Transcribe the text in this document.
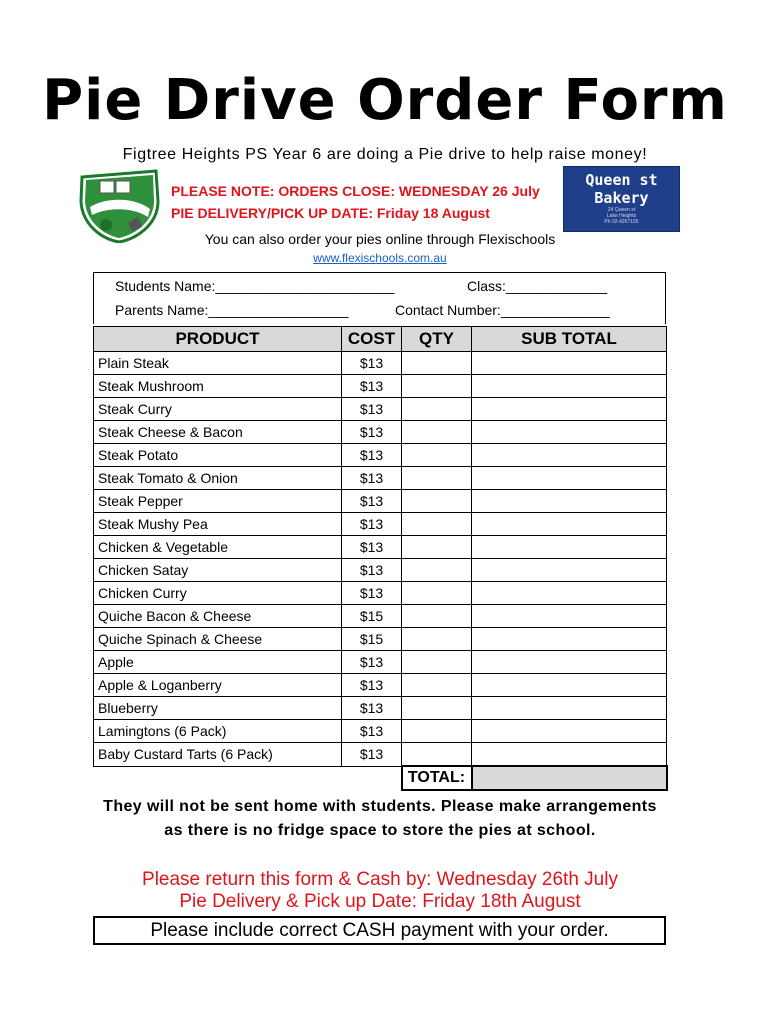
Pie Drive Order Form
Figtree Heights PS Year 6 are doing a Pie drive to help raise money!
PLEASE NOTE: ORDERS CLOSE: WEDNESDAY 26 July
PIE DELIVERY/PICK UP DATE: Friday 18 August
Queen st
Bakery
24 Queen st
Lake Heights
Ph 02-4267155
You can also order your pies online through Flexischools
www.flexischools.com.au
Students Name:_______________________	Class:_____________
Parents Name:__________________	Contact Number:______________
PRODUCT	COST	QTY	SUB TOTAL
Plain Steak	$13		
Steak Mushroom	$13		
Steak Curry	$13		
Steak Cheese & Bacon	$13		
Steak Potato	$13		
Steak Tomato & Onion	$13		
Steak Pepper	$13		
Steak Mushy Pea	$13		
Chicken & Vegetable	$13		
Chicken Satay	$13		
Chicken Curry	$13		
Quiche Bacon & Cheese	$15		
Quiche Spinach & Cheese	$15		
Apple	$13		
Apple & Loganberry	$13		
Blueberry	$13		
Lamingtons (6 Pack)	$13		
Baby Custard Tarts (6 Pack)	$13		
		TOTAL:	
They will not be sent home with students. Please make arrangements as there is no fridge space to store the pies at school.
Please return this form & Cash by: Wednesday 26th July
Pie Delivery & Pick up Date: Friday 18th August
Please include correct CASH payment with your order.
